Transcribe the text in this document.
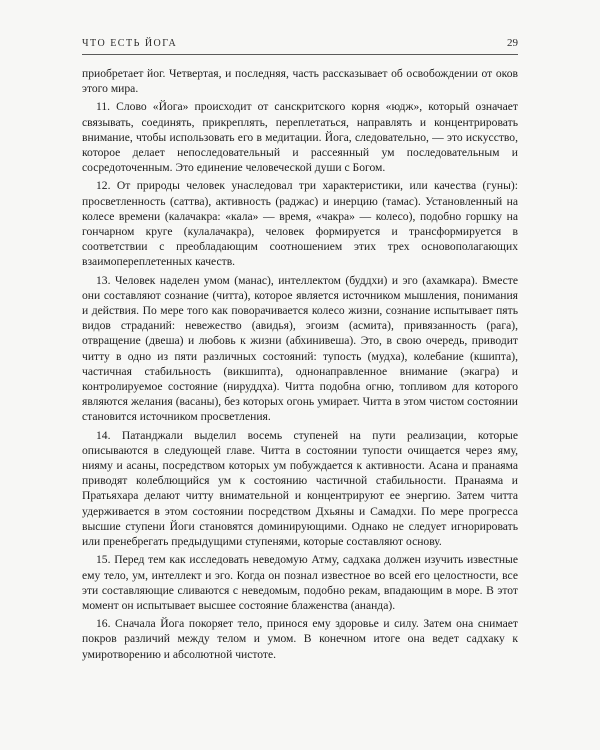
ЧТО ЕСТЬ ЙОГА	29

приобретает йог. Четвертая, и последняя, часть рассказывает об освобождении от оков этого мира.

11. Слово «Йога» происходит от санскритского корня «юдж», который означает связывать, соединять, прикреплять, переплетаться, направлять и концентрировать внимание, чтобы использовать его в медитации. Йога, следовательно, — это искусство, которое делает непоследовательный и рассеянный ум последовательным и сосредоточенным. Это единение человеческой души с Богом.

12. От природы человек унаследовал три характеристики, или качества (гуны): просветленность (саттва), активность (раджас) и инерцию (тамас). Установленный на колесе времени (калачакра: «кала» — время, «чакра» — колесо), подобно горшку на гончарном круге (кулалачакра), человек формируется и трансформируется в соответствии с преобладающим соотношением этих трех основополагающих взаимопереплетенных качеств.

13. Человек наделен умом (манас), интеллектом (буддхи) и эго (ахамкара). Вместе они составляют сознание (читта), которое является источником мышления, понимания и действия. По мере того как поворачивается колесо жизни, сознание испытывает пять видов страданий: невежество (авидья), эгоизм (асмита), привязанность (рага), отвращение (двеша) и любовь к жизни (абхинивеша). Это, в свою очередь, приводит читту в одно из пяти различных состояний: тупость (мудха), колебание (кшипта), частичная стабильность (викшипта), однонаправленное внимание (экагра) и контролируемое состояние (нируддха). Читта подобна огню, топливом для которого являются желания (васаны), без которых огонь умирает. Читта в этом чистом состоянии становится источником просветления.

14. Патанджали выделил восемь ступеней на пути реализации, которые описываются в следующей главе. Читта в состоянии тупости очищается через яму, нияму и асаны, посредством которых ум побуждается к активности. Асана и пранаяма приводят колеблющийся ум к состоянию частичной стабильности. Пранаяма и Пратьяхара делают читту внимательной и концентрируют ее энергию. Затем читта удерживается в этом состоянии посредством Дхьяны и Самадхи. По мере прогресса высшие ступени Йоги становятся доминирующими. Однако не следует игнорировать или пренебрегать предыдущими ступенями, которые составляют основу.

15. Перед тем как исследовать неведомую Атму, садхака должен изучить известные ему тело, ум, интеллект и эго. Когда он познал известное во всей его целостности, все эти составляющие сливаются с неведомым, подобно рекам, впадающим в море. В этот момент он испытывает высшее состояние блаженства (ананда).

16. Сначала Йога покоряет тело, принося ему здоровье и силу. Затем она снимает покров различий между телом и умом. В конечном итоге она ведет садхаку к умиротворению и абсолютной чистоте.
